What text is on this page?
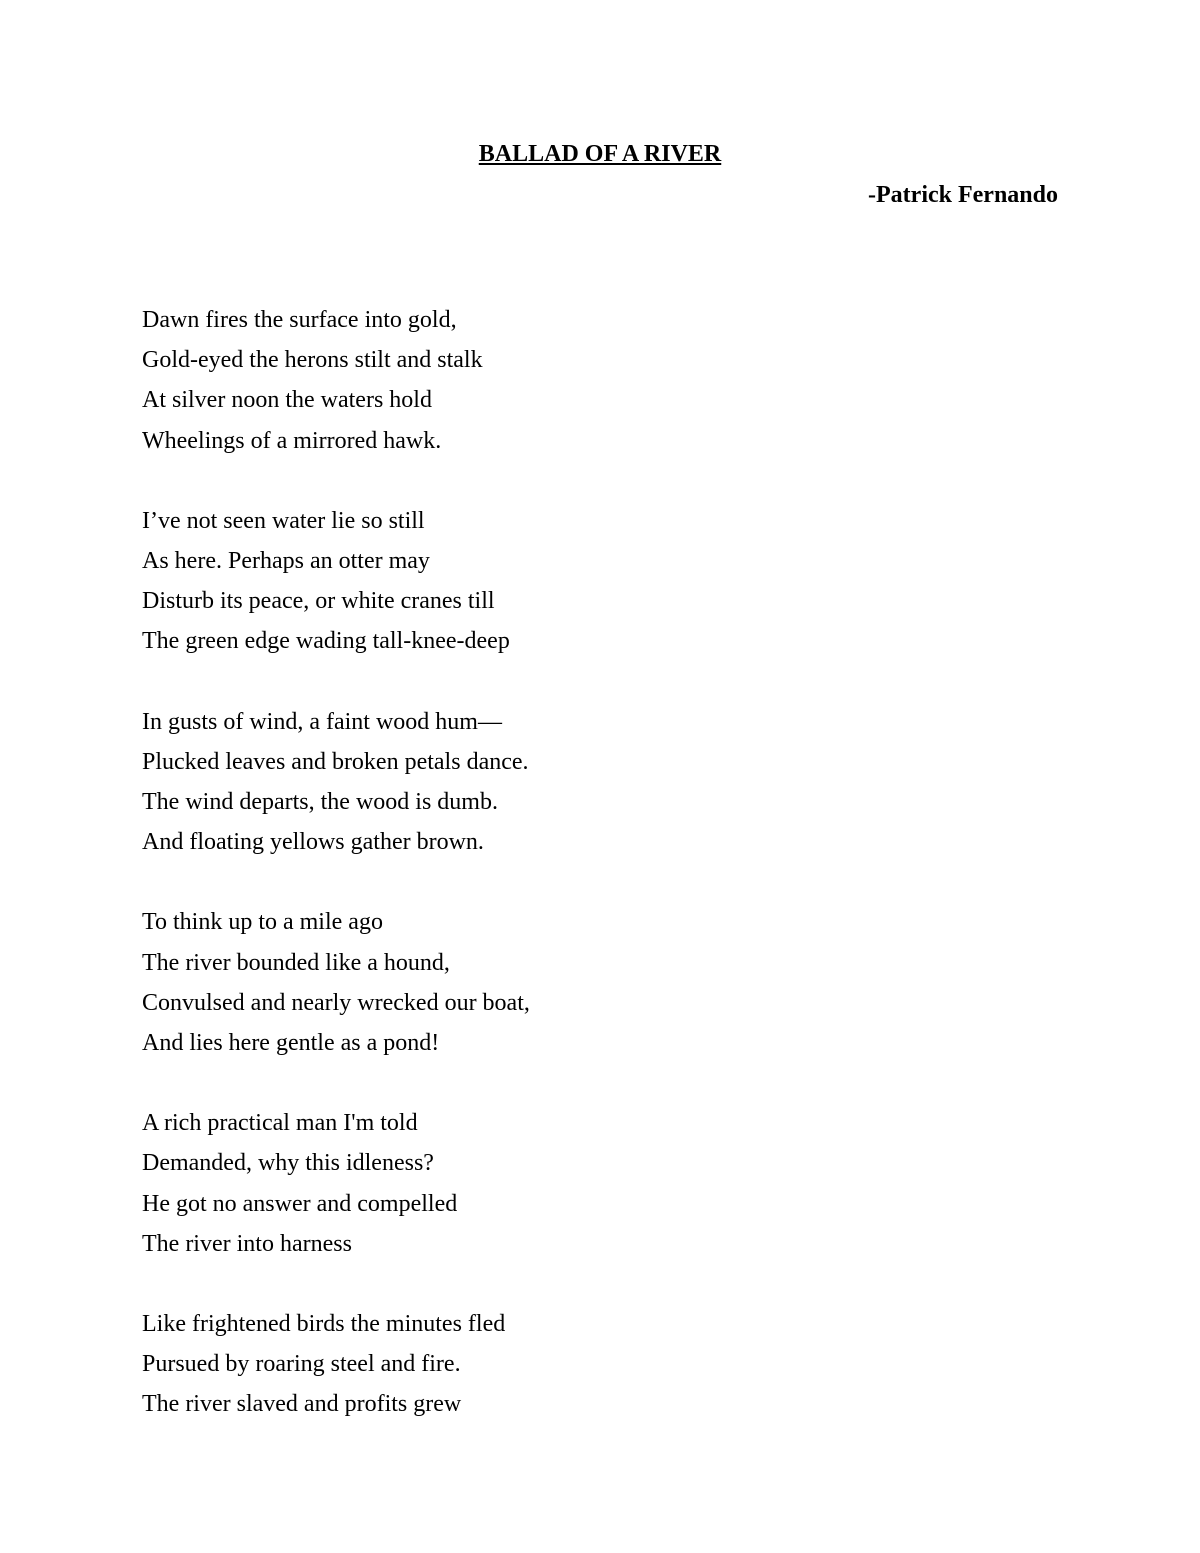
BALLAD OF A RIVER

-Patrick Fernando

Dawn fires the surface into gold,
Gold-eyed the herons stilt and stalk
At silver noon the waters hold
Wheelings of a mirrored hawk.
I’ve not seen water lie so still
As here. Perhaps an otter may
Disturb its peace, or white cranes till
The green edge wading tall-knee-deep
In gusts of wind, a faint wood hum—
Plucked leaves and broken petals dance.
The wind departs, the wood is dumb.
And floating yellows gather brown.
To think up to a mile ago
The river bounded like a hound,
Convulsed and nearly wrecked our boat,
And lies here gentle as a pond!
A rich practical man I'm told
Demanded, why this idleness?
He got no answer and compelled
The river into harness
Like frightened birds the minutes fled
Pursued by roaring steel and fire.
The river slaved and profits grew
